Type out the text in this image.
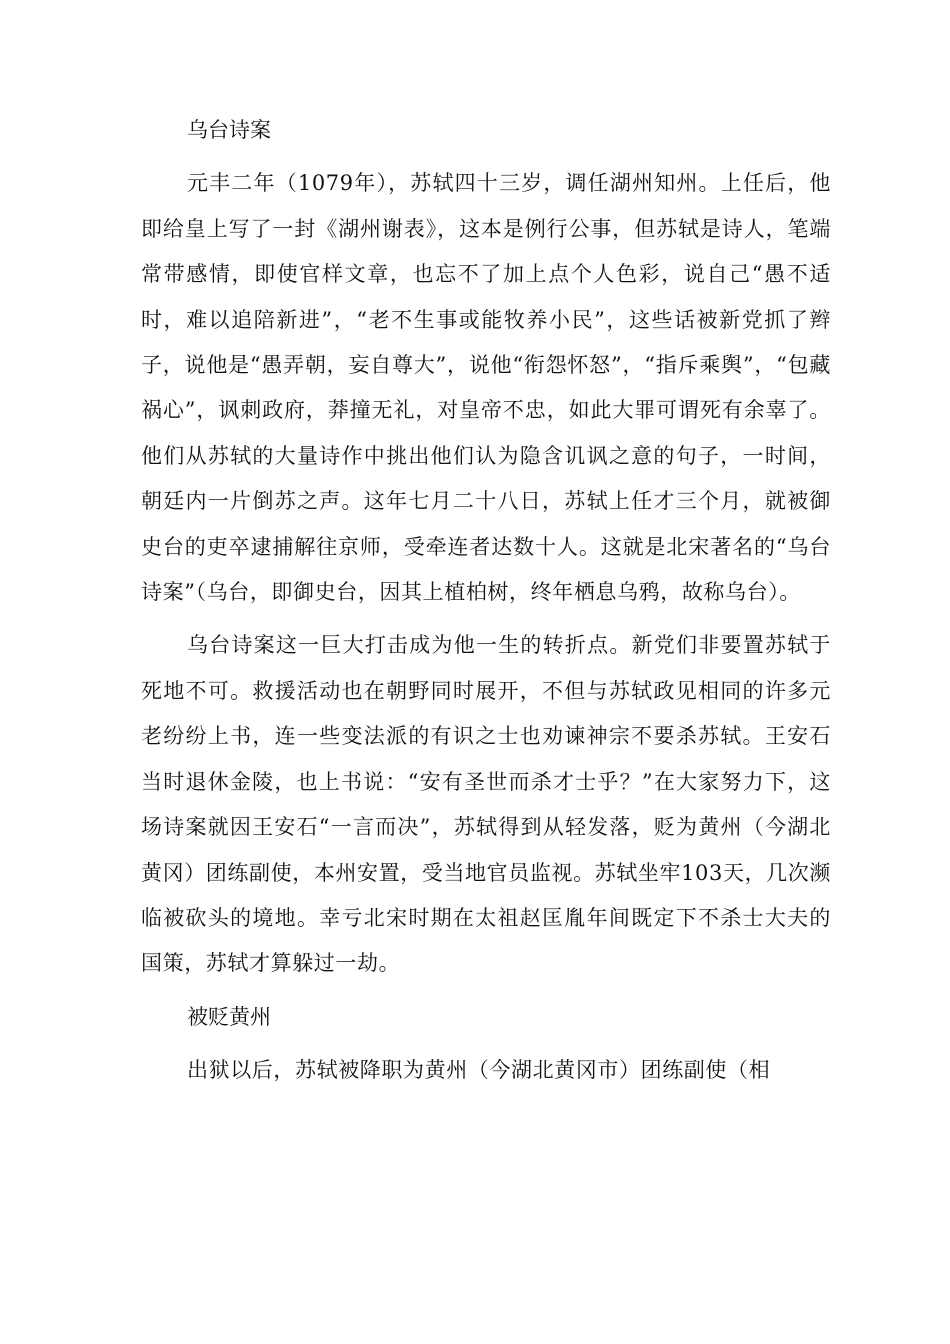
乌台诗案

元丰二年（1079年），苏轼四十三岁，调任湖州知州。上任后，他即给皇上写了一封《湖州谢表》，这本是例行公事，但苏轼是诗人，笔端常带感情，即使官样文章，也忘不了加上点个人色彩，说自己“愚不适时，难以追陪新进”，“老不生事或能牧养小民”，这些话被新党抓了辫子，说他是“愚弄朝，妄自尊大”，说他“衔怨怀怒”，“指斥乘舆”，“包藏祸心”，讽刺政府，莽撞无礼，对皇帝不忠，如此大罪可谓死有余辜了。他们从苏轼的大量诗作中挑出他们认为隐含讥讽之意的句子，一时间，朝廷内一片倒苏之声。这年七月二十八日，苏轼上任才三个月，就被御史台的吏卒逮捕解往京师，受牵连者达数十人。这就是北宋著名的“乌台诗案”（乌台，即御史台，因其上植柏树，终年栖息乌鸦，故称乌台）。

乌台诗案这一巨大打击成为他一生的转折点。新党们非要置苏轼于死地不可。救援活动也在朝野同时展开，不但与苏轼政见相同的许多元老纷纷上书，连一些变法派的有识之士也劝谏神宗不要杀苏轼。王安石当时退休金陵，也上书说：“安有圣世而杀才士乎？”在大家努力下，这场诗案就因王安石“一言而决”，苏轼得到从轻发落，贬为黄州（今湖北黄冈）团练副使，本州安置，受当地官员监视。苏轼坐牢103天，几次濒临被砍头的境地。幸亏北宋时期在太祖赵匡胤年间既定下不杀士大夫的国策，苏轼才算躲过一劫。

被贬黄州

出狱以后，苏轼被降职为黄州（今湖北黄冈市）团练副使（相
